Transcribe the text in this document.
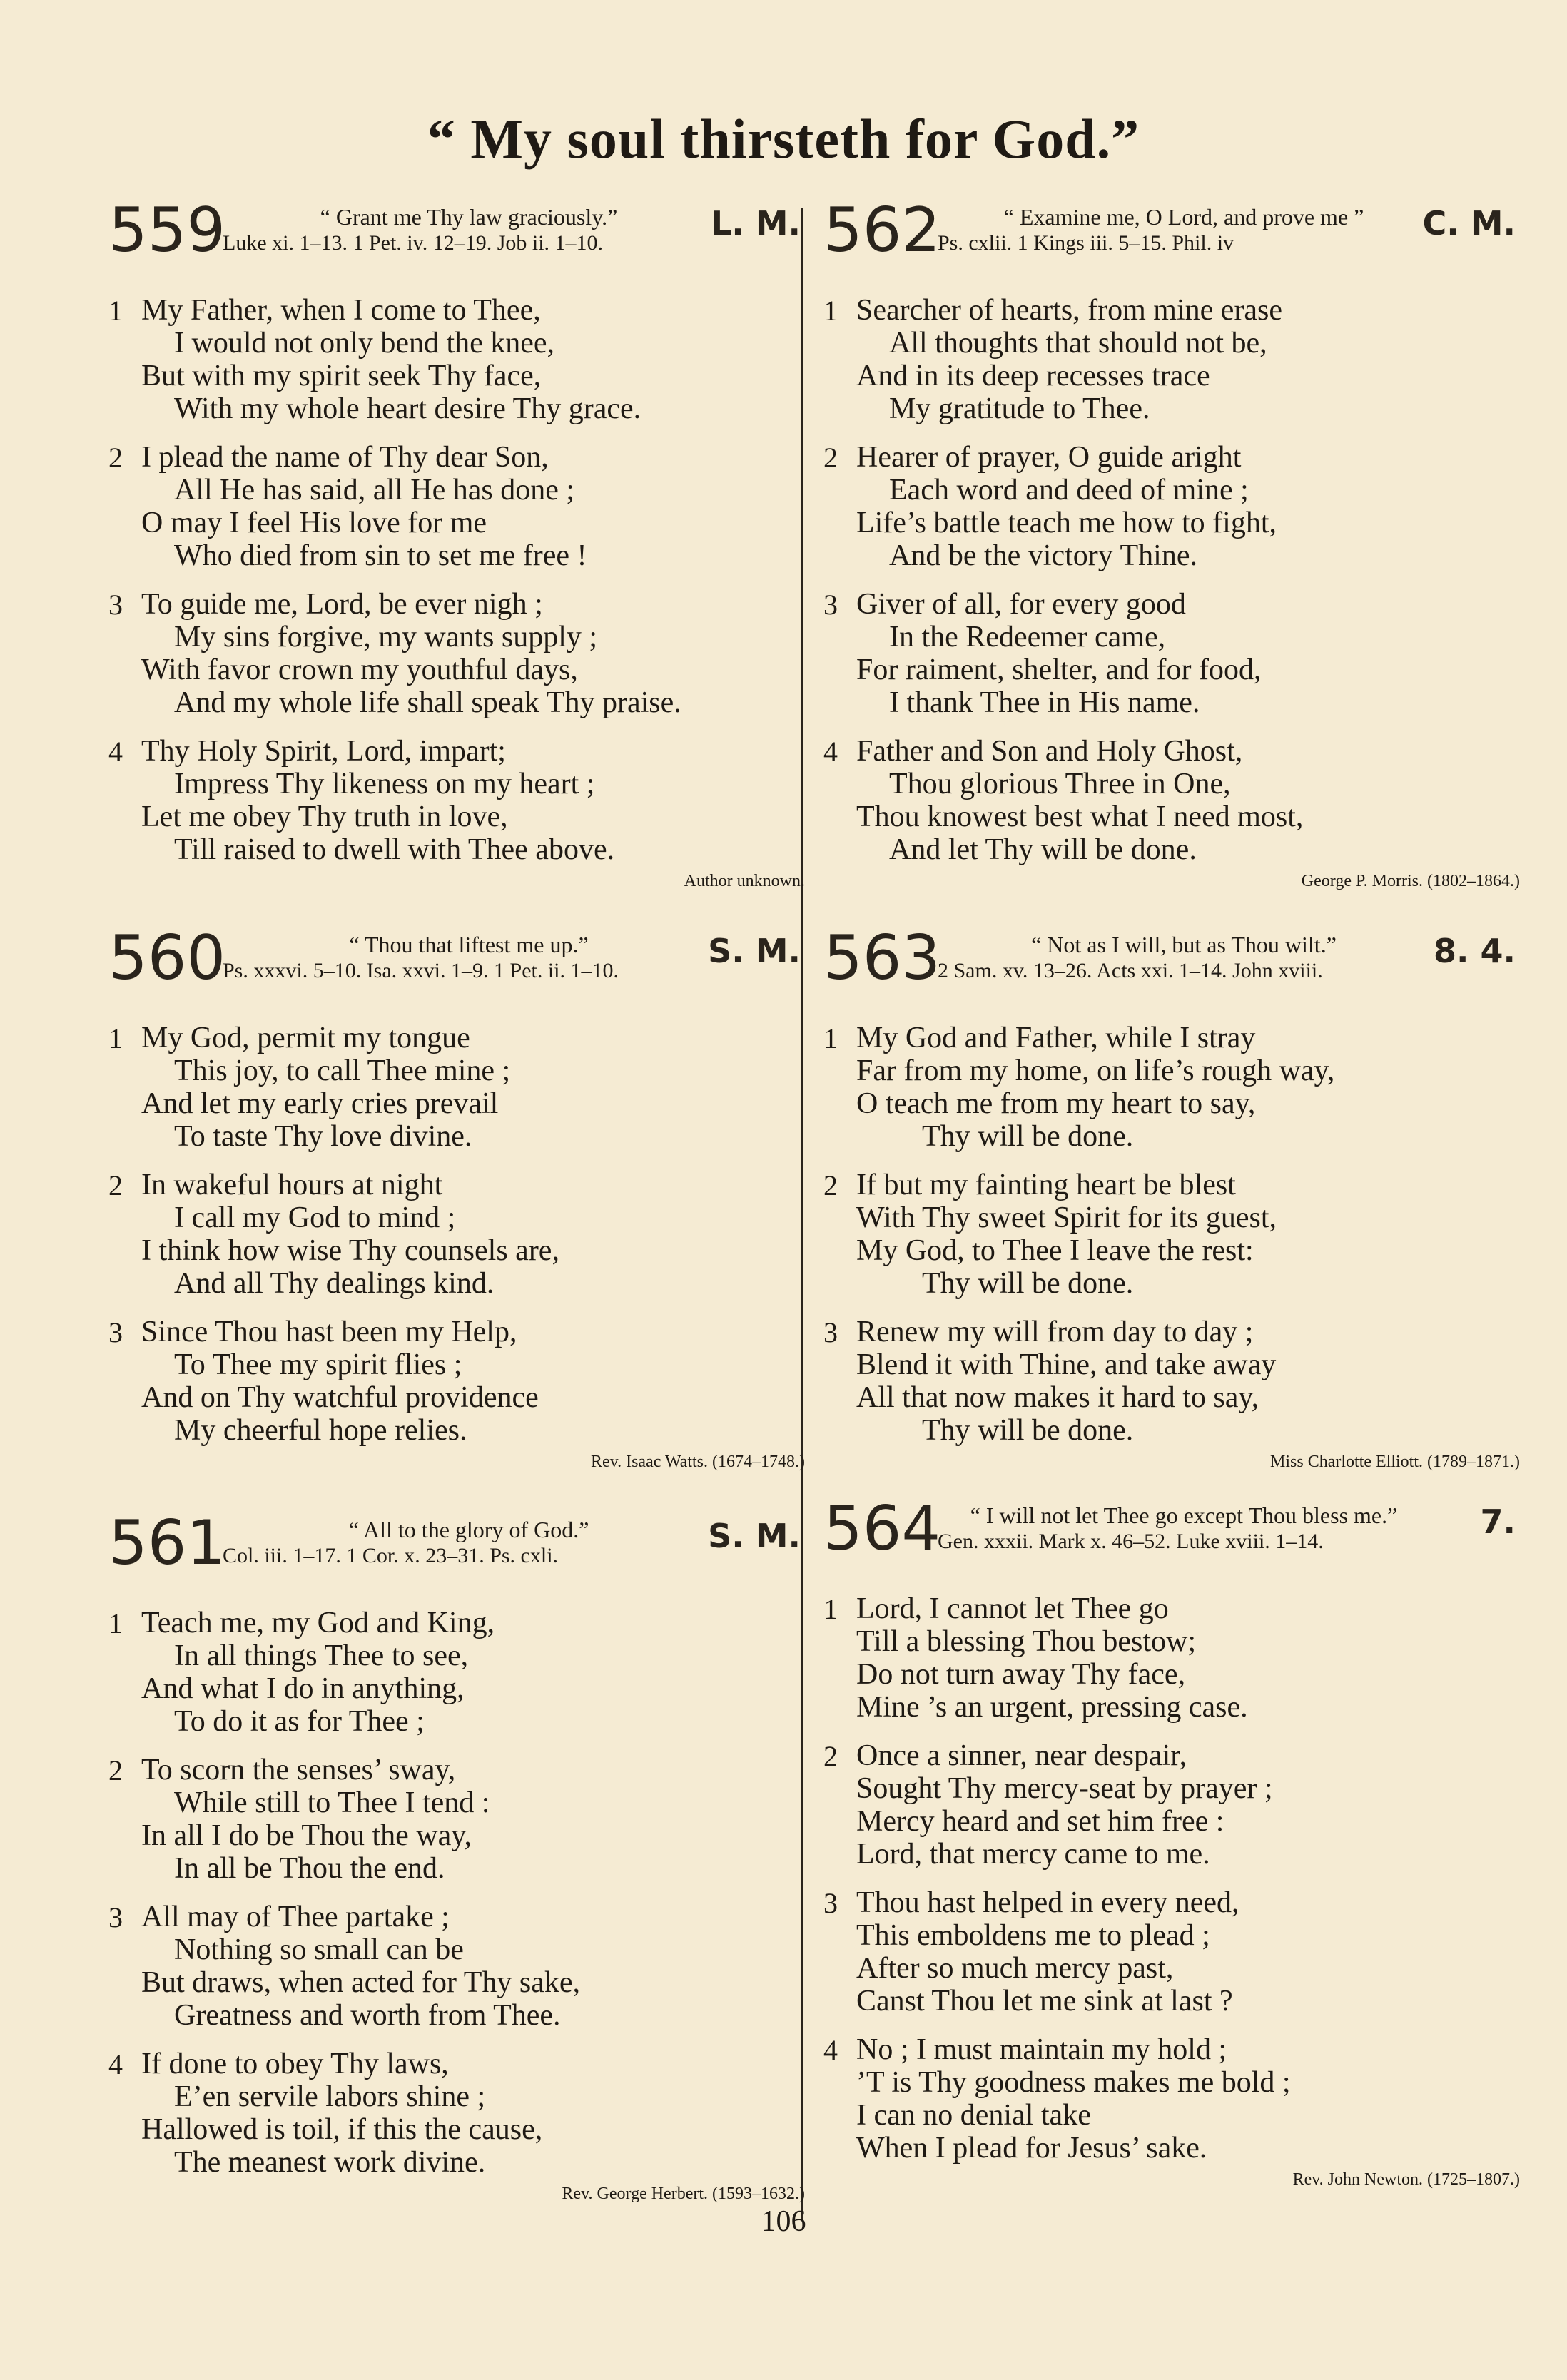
“ My soul thirsteth for God.”
559	“ Grant me Thy law graciously.”
Luke xi. 1–13. 1 Pet. iv. 12–19. Job ii. 1–10.
L. M.
1 My Father, when I come to Thee,
I would not only bend the knee,
But with my spirit seek Thy face,
With my whole heart desire Thy grace.
2 I plead the name of Thy dear Son,
All He has said, all He has done ;
O may I feel His love for me
Who died from sin to set me free !
3 To guide me, Lord, be ever nigh ;
My sins forgive, my wants supply ;
With favor crown my youthful days,
And my whole life shall speak Thy praise.
4 Thy Holy Spirit, Lord, impart;
Impress Thy likeness on my heart ;
Let me obey Thy truth in love,
Till raised to dwell with Thee above.
Author unknown.
560	“ Thou that liftest me up.”
Ps. xxxvi. 5–10. Isa. xxvi. 1–9. 1 Pet. ii. 1–10.
S. M.
1 My God, permit my tongue
This joy, to call Thee mine ;
And let my early cries prevail
To taste Thy love divine.
2 In wakeful hours at night
I call my God to mind ;
I think how wise Thy counsels are,
And all Thy dealings kind.
3 Since Thou hast been my Help,
To Thee my spirit flies ;
And on Thy watchful providence
My cheerful hope relies.
Rev. Isaac Watts. (1674–1748.)
561	“ All to the glory of God.”
Col. iii. 1–17. 1 Cor. x. 23–31. Ps. cxli.
S. M.
1 Teach me, my God and King,
In all things Thee to see,
And what I do in anything,
To do it as for Thee ;
2 To scorn the senses’ sway,
While still to Thee I tend :
In all I do be Thou the way,
In all be Thou the end.
3 All may of Thee partake ;
Nothing so small can be
But draws, when acted for Thy sake,
Greatness and worth from Thee.
4 If done to obey Thy laws,
E’en servile labors shine ;
Hallowed is toil, if this the cause,
The meanest work divine.
Rev. George Herbert. (1593–1632.)
562	“ Examine me, O Lord, and prove me ”
Ps. cxlii. 1 Kings iii. 5–15. Phil. iv
C. M.
1 Searcher of hearts, from mine erase
All thoughts that should not be,
And in its deep recesses trace
My gratitude to Thee.
2 Hearer of prayer, O guide aright
Each word and deed of mine ;
Life’s battle teach me how to fight,
And be the victory Thine.
3 Giver of all, for every good
In the Redeemer came,
For raiment, shelter, and for food,
I thank Thee in His name.
4 Father and Son and Holy Ghost,
Thou glorious Three in One,
Thou knowest best what I need most,
And let Thy will be done.
George P. Morris. (1802–1864.)
563	“ Not as I will, but as Thou wilt.”
2 Sam. xv. 13–26. Acts xxi. 1–14. John xviii.
8. 4.
1 My God and Father, while I stray
Far from my home, on life’s rough way,
O teach me from my heart to say,
Thy will be done.
2 If but my fainting heart be blest
With Thy sweet Spirit for its guest,
My God, to Thee I leave the rest:
Thy will be done.
3 Renew my will from day to day ;
Blend it with Thine, and take away
All that now makes it hard to say,
Thy will be done.
Miss Charlotte Elliott. (1789–1871.)
564	“ I will not let Thee go except Thou bless me.”
Gen. xxxii. Mark x. 46–52. Luke xviii. 1–14.
7.
1 Lord, I cannot let Thee go
Till a blessing Thou bestow;
Do not turn away Thy face,
Mine ’s an urgent, pressing case.
2 Once a sinner, near despair,
Sought Thy mercy-seat by prayer ;
Mercy heard and set him free :
Lord, that mercy came to me.
3 Thou hast helped in every need,
This emboldens me to plead ;
After so much mercy past,
Canst Thou let me sink at last ?
4 No ; I must maintain my hold ;
’T is Thy goodness makes me bold ;
I can no denial take
When I plead for Jesus’ sake.
Rev. John Newton. (1725–1807.)
106
